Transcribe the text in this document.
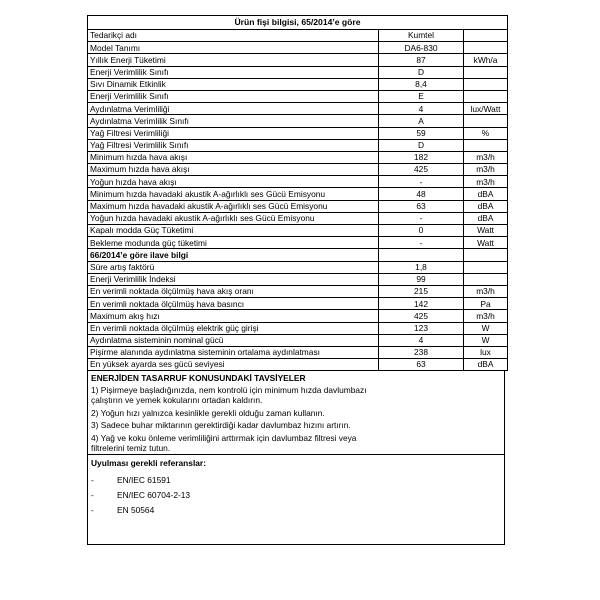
Ürün fişi bilgisi, 65/2014’e göre		
Tedarikçi adı	Kumtel	
Model Tanımı	DA6-830	
Yıllık Enerji Tüketimi	87	kWh/a
Enerji Verimlilik Sınıfı	D	
Sıvı Dinamik Etkinlik	8,4	
Enerji Verimlilik Sınıfı	E	
Aydınlatma Verimliliği	4	lux/Watt
Aydınlatma Verimlilik Sınıfı	A	
Yağ Filtresi Verimliliği	59	%
Yağ Filtresi Verimlilik Sınıfı	D	
Minimum hızda hava akışı	182	m3/h
Maximum hızda hava akışı	425	m3/h
Yoğun hızda hava akışı	-	m3/h
Minimum hızda havadaki akustik A-ağırlıklı ses Gücü Emisyonu	48	dBA
Maximum hızda havadaki akustik A-ağırlıklı ses Gücü Emisyonu	63	dBA
Yoğun hızda havadaki akustik A-ağırlıklı ses Gücü Emisyonu	-	dBA
Kapalı modda Güç Tüketimi	0	Watt
Bekleme modunda güç tüketimi	-	Watt
66/2014’e göre ilave bilgi		
Süre artış faktörü	1,8	
Enerji Verimlilik İndeksi	99	
En verimli noktada ölçülmüş hava akış oranı	215	m3/h
En verimli noktada ölçülmüş hava basıncı	142	Pa
Maximum akış hızı	425	m3/h
En verimli noktada ölçülmüş elektrik güç girişi	123	W
Aydınlatma sisteminin nominal gücü	4	W
Pişirme alanında aydınlatma sisteminin ortalama aydınlatması	238	lux
En yüksek ayarda ses gücü seviyesi	63	dBA
ENERJİDEN TASARRUF KONUSUNDAKİ TAVSİYELER
1) Pişirmeye başladığınızda, nem kontrolü için minimum hızda davlumbazı çalıştırın ve yemek kokularını ortadan kaldırın.
2) Yoğun hızı yalnızca kesinlikle gerekli olduğu zaman kullanın.
3) Sadece buhar miktarının gerektirdiği kadar davlumbaz hızını artırın.
4) Yağ ve koku önleme verimliliğini arttırmak için davlumbaz filtresi veya filtrelerini temiz tutun.
Uyulması gerekli referanslar:
-	EN/IEC 61591
-	EN/IEC 60704-2-13
-	EN 50564
